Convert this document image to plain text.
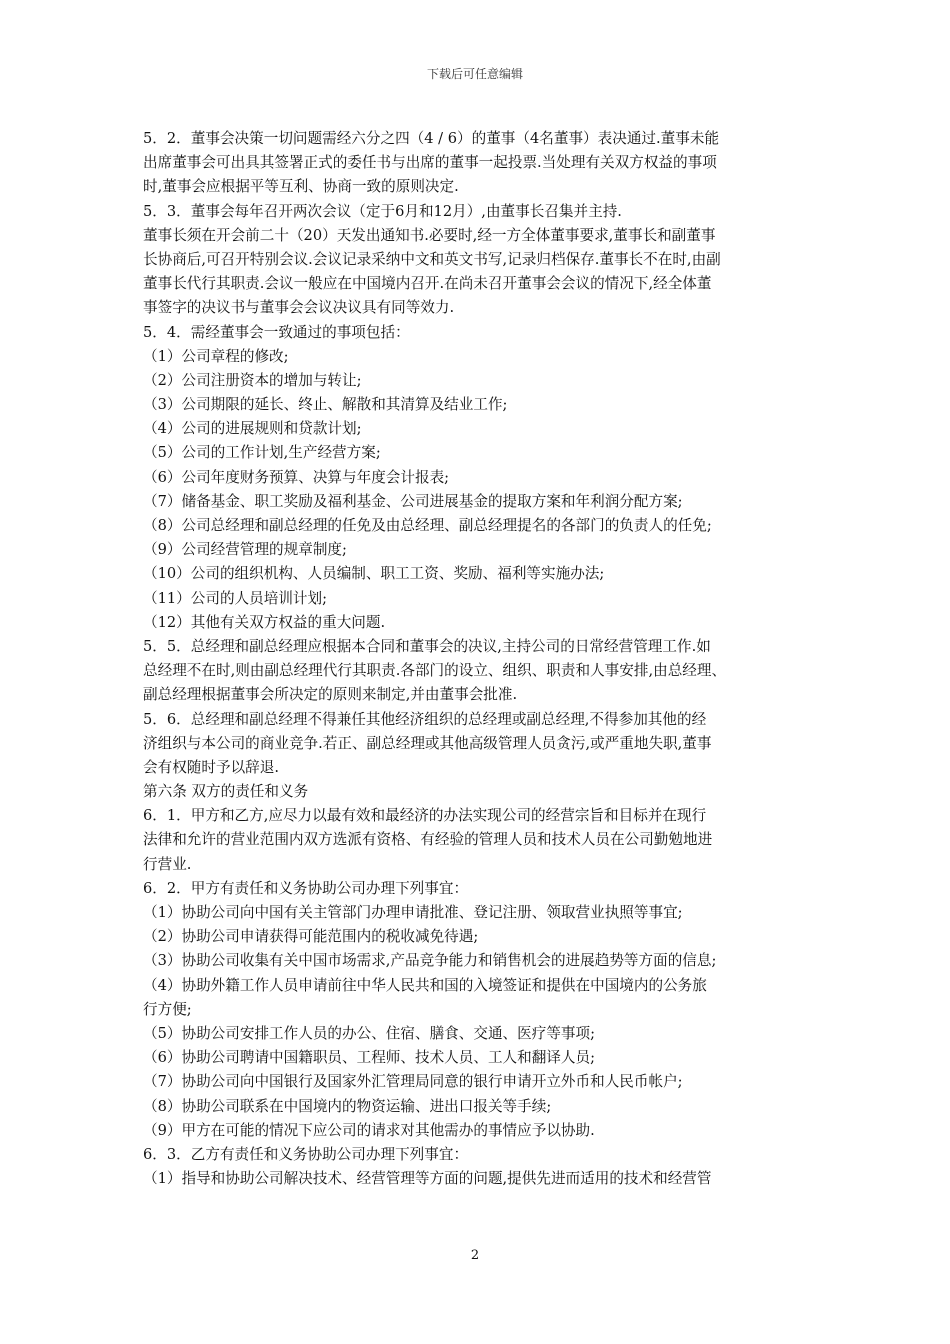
下载后可任意编辑
5．2．董事会决策一切问题需经六分之四（4 / 6）的董事（4名董事）表决通过.董事未能
出席董事会可出具其签署正式的委任书与出席的董事一起投票.当处理有关双方权益的事项
时,董事会应根据平等互利、协商一致的原则决定.
5．3．董事会每年召开两次会议（定于6月和12月）,由董事长召集并主持.
董事长须在开会前二十（20）天发出通知书.必要时,经一方全体董事要求,董事长和副董事
长协商后,可召开特别会议.会议记录采纳中文和英文书写,记录归档保存.董事长不在时,由副
董事长代行其职责.会议一般应在中国境内召开.在尚未召开董事会会议的情况下,经全体董
事签字的决议书与董事会会议决议具有同等效力.
5．4．需经董事会一致通过的事项包括：
（1）公司章程的修改;
（2）公司注册资本的增加与转让;
（3）公司期限的延长、终止、解散和其清算及结业工作;
（4）公司的进展规则和贷款计划;
（5）公司的工作计划,生产经营方案;
（6）公司年度财务预算、决算与年度会计报表;
（7）储备基金、职工奖励及福利基金、公司进展基金的提取方案和年利润分配方案;
（8）公司总经理和副总经理的任免及由总经理、副总经理提名的各部门的负责人的任免;
（9）公司经营管理的规章制度;
（10）公司的组织机构、人员编制、职工工资、奖励、福利等实施办法;
（11）公司的人员培训计划;
（12）其他有关双方权益的重大问题.
5．5．总经理和副总经理应根据本合同和董事会的决议,主持公司的日常经营管理工作.如
总经理不在时,则由副总经理代行其职责.各部门的设立、组织、职责和人事安排,由总经理、
副总经理根据董事会所决定的原则来制定,并由董事会批准.
5．6．总经理和副总经理不得兼任其他经济组织的总经理或副总经理,不得参加其他的经
济组织与本公司的商业竞争.若正、副总经理或其他高级管理人员贪污,或严重地失职,董事
会有权随时予以辞退.
第六条 双方的责任和义务
6．1．甲方和乙方,应尽力以最有效和最经济的办法实现公司的经营宗旨和目标并在现行
法律和允许的营业范围内双方选派有资格、有经验的管理人员和技术人员在公司勤勉地进
行营业.
6．2．甲方有责任和义务协助公司办理下列事宜：
（1）协助公司向中国有关主管部门办理申请批准、登记注册、领取营业执照等事宜;
（2）协助公司申请获得可能范围内的税收减免待遇;
（3）协助公司收集有关中国市场需求,产品竞争能力和销售机会的进展趋势等方面的信息;
（4）协助外籍工作人员申请前往中华人民共和国的入境签证和提供在中国境内的公务旅
行方便;
（5）协助公司安排工作人员的办公、住宿、膳食、交通、医疗等事项;
（6）协助公司聘请中国籍职员、工程师、技术人员、工人和翻译人员;
（7）协助公司向中国银行及国家外汇管理局同意的银行申请开立外币和人民币帐户;
（8）协助公司联系在中国境内的物资运输、进出口报关等手续;
（9）甲方在可能的情况下应公司的请求对其他需办的事情应予以协助.
6．3．乙方有责任和义务协助公司办理下列事宜：
（1）指导和协助公司解决技术、经营管理等方面的问题,提供先进而适用的技术和经营管
2
